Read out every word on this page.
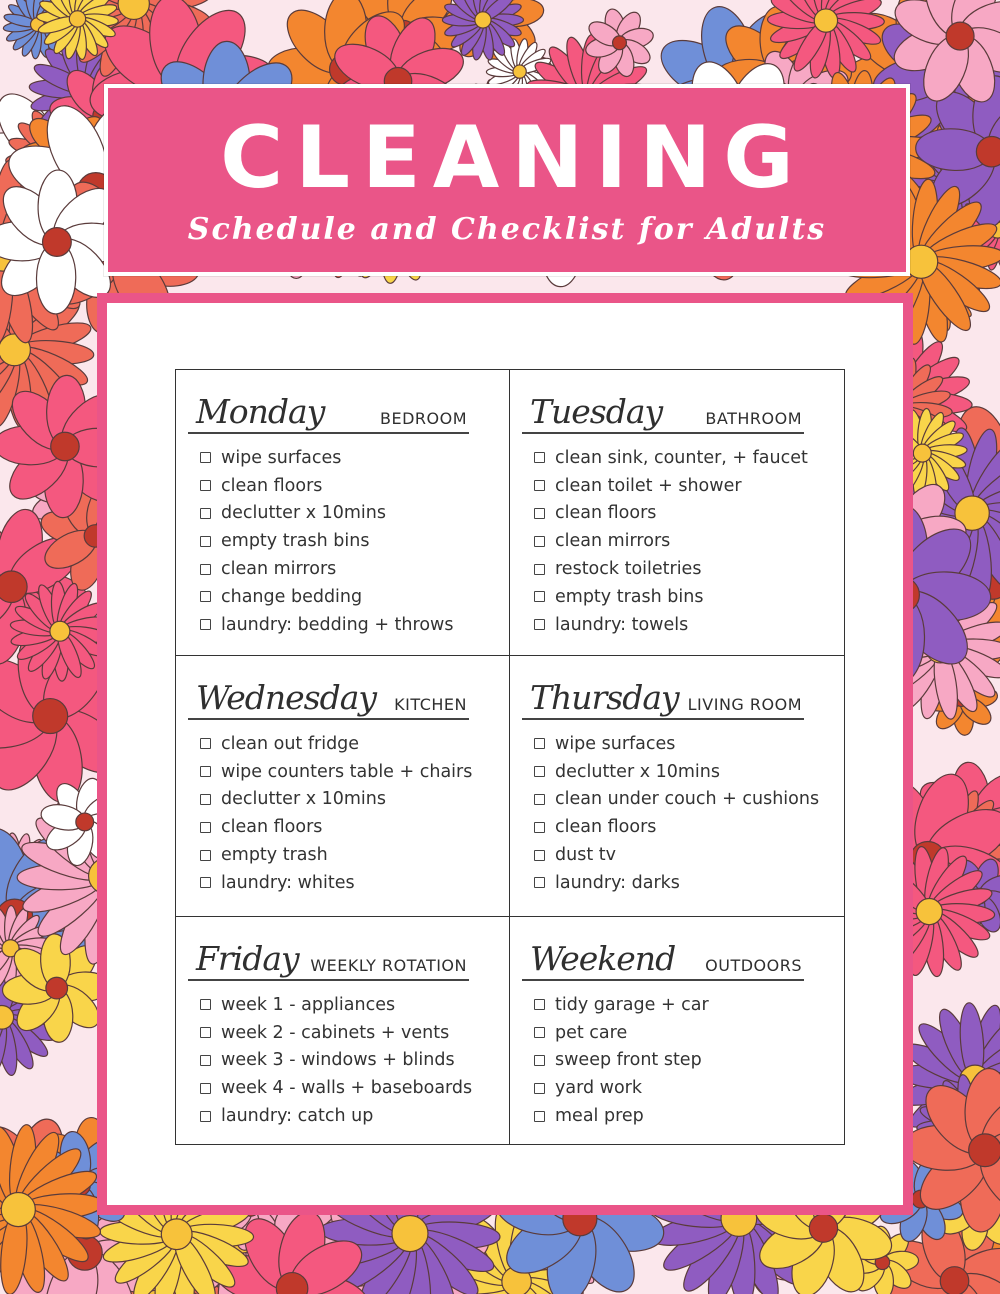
CLEANING
Schedule and Checklist for Adults
Monday	BEDROOM
wipe surfaces
clean floors
declutter x 10mins
empty trash bins
clean mirrors
change bedding
laundry: bedding + throws
Tuesday	BATHROOM
clean sink, counter, + faucet
clean toilet + shower
clean floors
clean mirrors
restock toiletries
empty trash bins
laundry: towels
Wednesday KITCHEN
clean out fridge
wipe counters table + chairs
declutter x 10mins
clean floors
empty trash
laundry: whites
Thursday LIVING ROOM
wipe surfaces
declutter x 10mins
clean under couch + cushions
clean floors
dust tv
laundry: darks
Friday WEEKLY ROTATION
week 1 - appliances
week 2 - cabinets + vents
week 3 - windows + blinds
week 4 - walls + baseboards
laundry: catch up
Weekend OUTDOORS
tidy garage + car
pet care
sweep front step
yard work
meal prep
